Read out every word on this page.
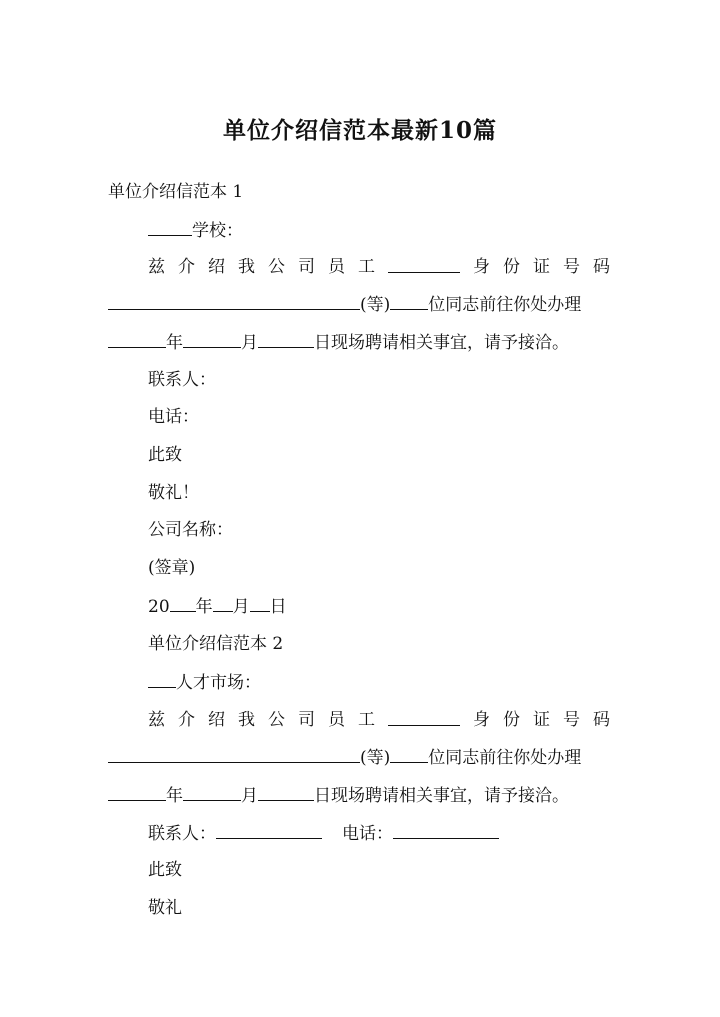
单位介绍信范本最新10篇
单位介绍信范本 1
学校：
兹 介 绍 我 公 司 员 工	身 份 证 号 码
(等) 位同志前往你处办理
年	月	日现场聘请相关事宜，请予接洽。
联系人：
电话：
此致
敬礼！
公司名称：
(签章)
20 年 月 日
单位介绍信范本 2
人才市场：
兹 介 绍 我 公 司 员 工	身 份 证 号 码
(等) 位同志前往你处办理
年	月	日现场聘请相关事宜，请予接洽。
联系人：	电话：
此致
敬礼
